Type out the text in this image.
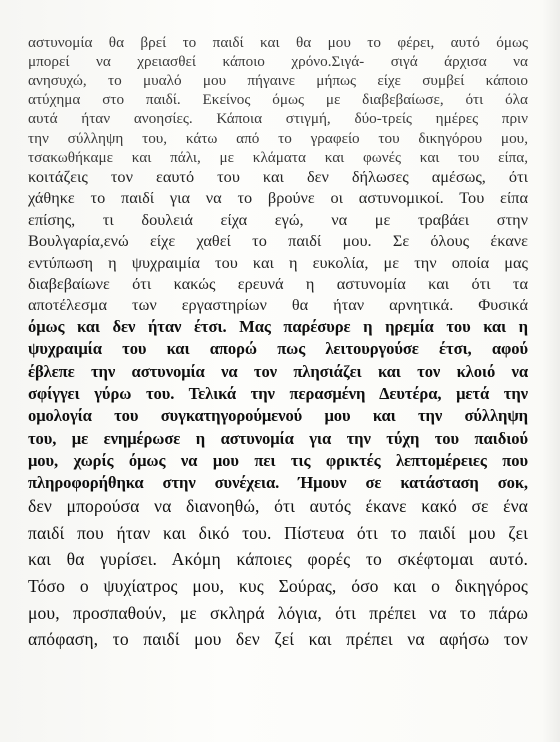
αστυνομία θα βρεί το παιδί και θα μου το φέρει, αυτό όμως
μπορεί να χρειασθεί κάποιο χρόνο.Σιγά- σιγά άρχισα να
ανησυχώ, το μυαλό μου πήγαινε μήπως είχε συμβεί κάποιο
ατύχημα στο παιδί. Εκείνος όμως με διαβεβαίωσε, ότι όλα
αυτά ήταν ανοησίες. Κάποια στιγμή, δύο-τρείς ημέρες πριν
την σύλληψη του, κάτω από το γραφείο του δικηγόρου μου,
τσακωθήκαμε και πάλι, με κλάματα και φωνές και του είπα,
κοιτάζεις τον εαυτό του και δεν δήλωσες αμέσως, ότι
χάθηκε το παιδί για να το βρούνε οι αστυνομικοί. Του είπα
επίσης, τι δουλειά είχα εγώ, να με τραβάει στην
Βουλγαρία,ενώ είχε χαθεί το παιδί μου. Σε όλους έκανε
εντύπωση η ψυχραιμία του και η ευκολία, με την οποία μας
διαβεβαίωνε ότι κακώς ερευνά η αστυνομία και ότι τα
αποτέλεσμα των εργαστηρίων θα ήταν αρνητικά. Φυσικά
όμως και δεν ήταν έτσι. Μας παρέσυρε η ηρεμία του και η
ψυχραιμία του και απορώ πως λειτουργούσε έτσι, αφού
έβλεπε την αστυνομία να τον πλησιάζει και τον κλοιό να
σφίγγει γύρω του. Τελικά την περασμένη Δευτέρα, μετά την
ομολογία του συγκατηγορούμενού μου και την σύλληψη
του, με ενημέρωσε η αστυνομία για την τύχη του παιδιού
μου, χωρίς όμως να μου πει τις φρικτές λεπτομέρειες που
πληροφορήθηκα στην συνέχεια. Ήμουν σε κατάσταση σοκ,
δεν μπορούσα να διανοηθώ, ότι αυτός έκανε κακό σε ένα
παιδί που ήταν και δικό του. Πίστευα ότι το παιδί μου ζει
και θα γυρίσει. Ακόμη κάποιες φορές το σκέφτομαι αυτό.
Τόσο ο ψυχίατρος μου, κυς Σούρας, όσο και ο δικηγόρος
μου, προσπαθούν, με σκληρά λόγια, ότι πρέπει να το πάρω
απόφαση, το παιδί μου δεν ζεί και πρέπει να αφήσω τον
